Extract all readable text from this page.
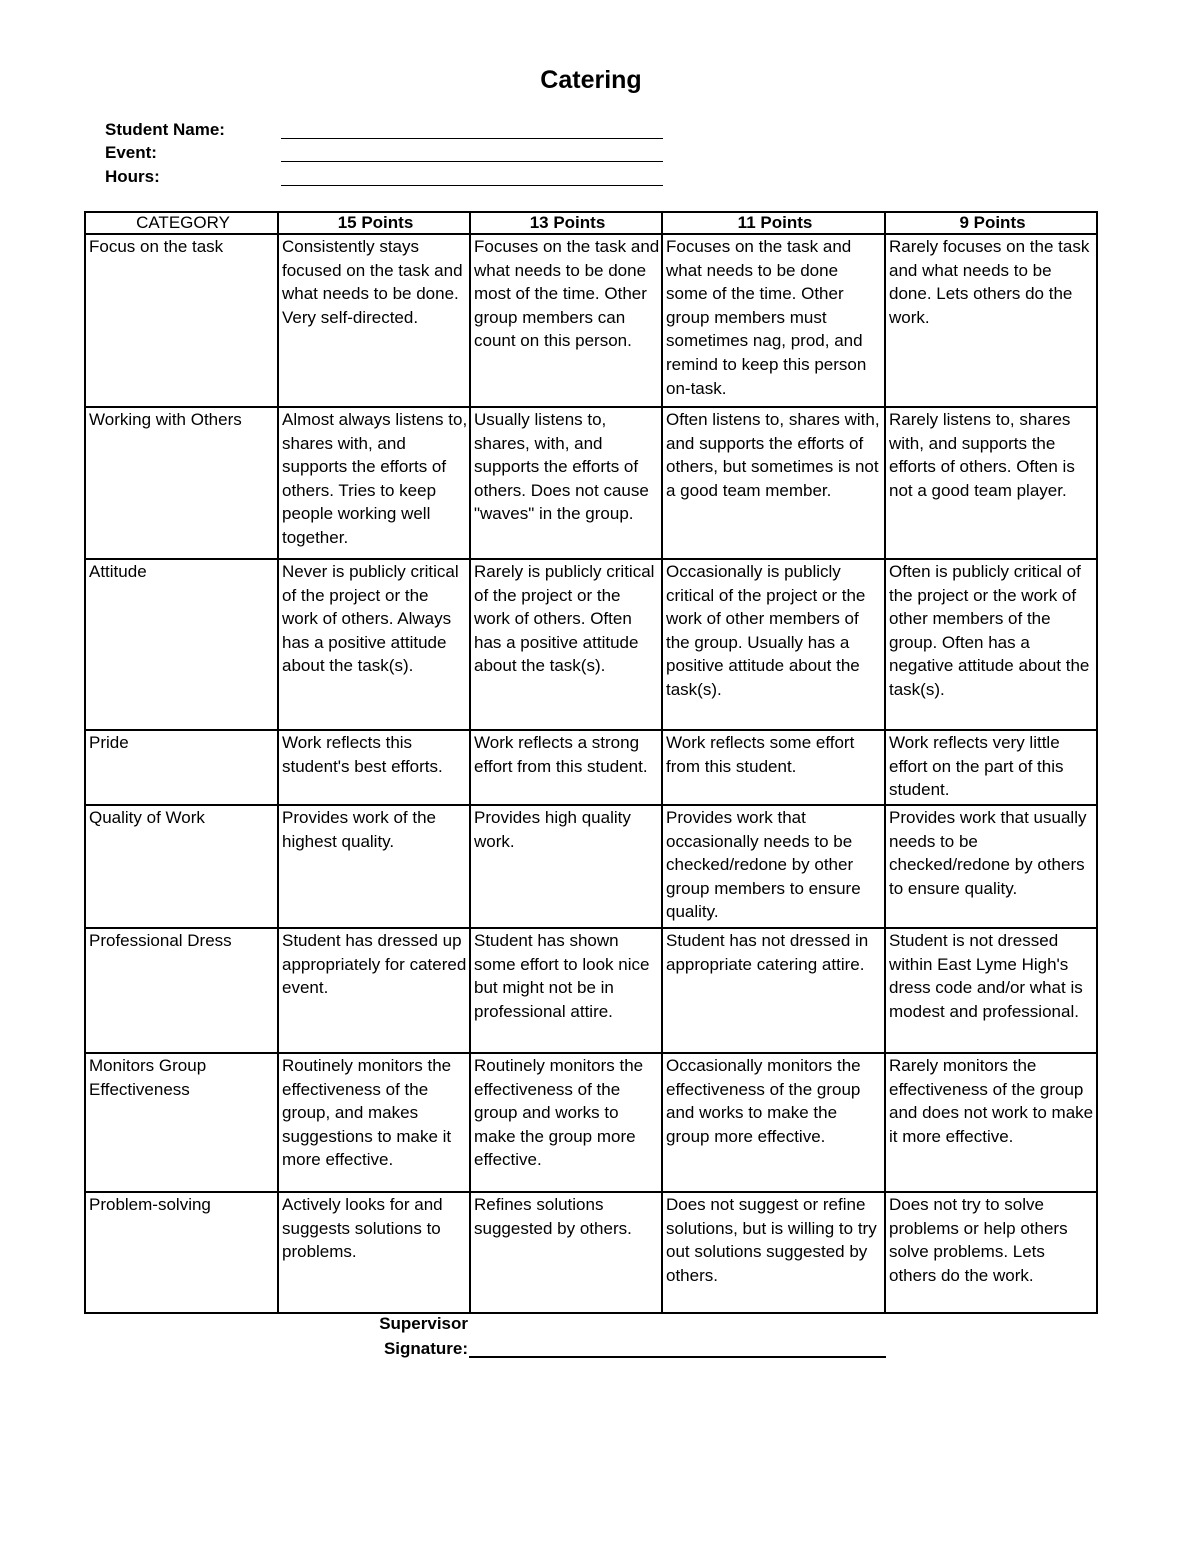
Catering
Student Name:
Event:
Hours:
CATEGORY	15 Points	13 Points	11 Points	9 Points
Focus on the task	Consistently stays focused on the task and what needs to be done. Very self-directed.	Focuses on the task and what needs to be done most of the time. Other group members can count on this person.	Focuses on the task and what needs to be done some of the time. Other group members must sometimes nag, prod, and remind to keep this person on-task.	Rarely focuses on the task and what needs to be done. Lets others do the work.
Working with Others	Almost always listens to, shares with, and supports the efforts of others. Tries to keep people working well together.	Usually listens to, shares, with, and supports the efforts of others. Does not cause "waves" in the group.	Often listens to, shares with, and supports the efforts of others, but sometimes is not a good team member.	Rarely listens to, shares with, and supports the efforts of others. Often is not a good team player.
Attitude	Never is publicly critical of the project or the work of others. Always has a positive attitude about the task(s).	Rarely is publicly critical of the project or the work of others. Often has a positive attitude about the task(s).	Occasionally is publicly critical of the project or the work of other members of the group. Usually has a positive attitude about the task(s).	Often is publicly critical of the project or the work of other members of the group. Often has a negative attitude about the task(s).
Pride	Work reflects this student's best efforts.	Work reflects a strong effort from this student.	Work reflects some effort from this student.	Work reflects very little effort on the part of this student.
Quality of Work	Provides work of the highest quality.	Provides high quality work.	Provides work that occasionally needs to be checked/redone by other group members to ensure quality.	Provides work that usually needs to be checked/redone by others to ensure quality.
Professional Dress	Student has dressed up appropriately for catered event.	Student has shown some effort to look nice but might not be in professional attire.	Student has not dressed in appropriate catering attire.	Student is not dressed within East Lyme High's dress code and/or what is modest and professional.
Monitors Group Effectiveness	Routinely monitors the effectiveness of the group, and makes suggestions to make it more effective.	Routinely monitors the effectiveness of the group and works to make the group more effective.	Occasionally monitors the effectiveness of the group and works to make the group more effective.	Rarely monitors the effectiveness of the group and does not work to make it more effective.
Problem-solving	Actively looks for and suggests solutions to problems.	Refines solutions suggested by others.	Does not suggest or refine solutions, but is willing to try out solutions suggested by others.	Does not try to solve problems or help others solve problems. Lets others do the work.
Supervisor
Signature:
